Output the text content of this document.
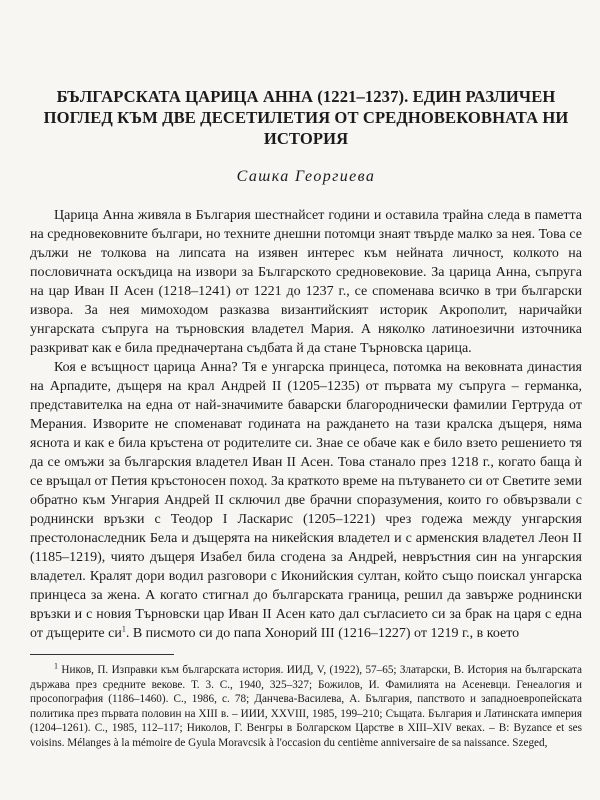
БЪЛГАРСКАТА ЦАРИЦА АННА (1221–1237). ЕДИН РАЗЛИЧЕН
ПОГЛЕД КЪМ ДВЕ ДЕСЕТИЛЕТИЯ ОТ СРЕДНОВЕКОВНАТА НИ
ИСТОРИЯ
Сашка Георгиева

Царица Анна живяла в България шестнайсет години и оставила трайна следа в паметта на средновековните българи, но техните днешни потомци знаят твърде малко за нея. Това се дължи не толкова на липсата на изявен интерес към нейната личност, колкото на пословичната оскъдица на извори за Българското средновековие. За царица Анна, съпруга на цар Иван II Асен (1218–1241) от 1221 до 1237 г., се споменава всичко в три български извора. За нея мимоходом разказва византийският историк Акрополит, наричайки унгарската съпруга на търновския владетел Мария. А няколко латиноезични източника разкриват как е била предначертана съдбата й да стане Търновска царица.

Коя е всъщност царица Анна? Тя е унгарска принцеса, потомка на вековната династия на Арпадите, дъщеря на крал Андрей II (1205–1235) от първата му съпруга – германка, представителка на една от най-значимите баварски благороднически фамилии Гертруда от Мерания. Изворите не споменават годината на раждането на тази кралска дъщеря, няма яснота и как е била кръстена от родителите си. Знае се обаче как е било взето решението тя да се омъжи за българския владетел Иван II Асен. Това станало през 1218 г., когато баща ѝ се връщал от Петия кръстоносен поход. За краткото време на пътуването си от Светите земи обратно към Унгария Андрей II сключил две брачни споразумения, които го обвързвали с роднински връзки с Теодор I Ласкарис (1205–1221) чрез годежа между унгарския престолонаследник Бела и дъщерята на никейския владетел и с арменския владетел Леон II (1185–1219), чиято дъщеря Изабел била сгодена за Андрей, невръстния син на унгарския владетел. Кралят дори водил разговори с Иконийския султан, който също поискал унгарска принцеса за жена. А когато стигнал до българската граница, решил да завърже роднински връзки и с новия Търновски цар Иван II Асен като дал съгласието си за брак на царя с една от дъщерите $си^1$. В писмото си до папа Хонорий III (1216–1227) от 1219 г., в което

$^1$ Ников, П. Изправки към българската история. ИИД, V, (1922), 57–65; Златарски, В. История на българската държава през средните векове. Т. 3. С., 1940, 325–327; Божилов, И. Фамилията на Асеневци. Генеалогия и просопография (1186–1460). С., 1986, с. 78; Данчева-Василева, А. България, папството и западноевропейската политика през първата половин на XIII в. – ИИИ, XXVIII, 1985, 199–210; Същата. България и Латинската империя (1204–1261). С., 1985, 112–117; Николов, Г. Венгры в Болгарском Царстве в XIII–XIV веках. – В: Byzance et ses voisins. Mélanges à la mémoire de Gyula Moravcsik à l'occasion du centième anniversaire de sa naissance. Szeged,
